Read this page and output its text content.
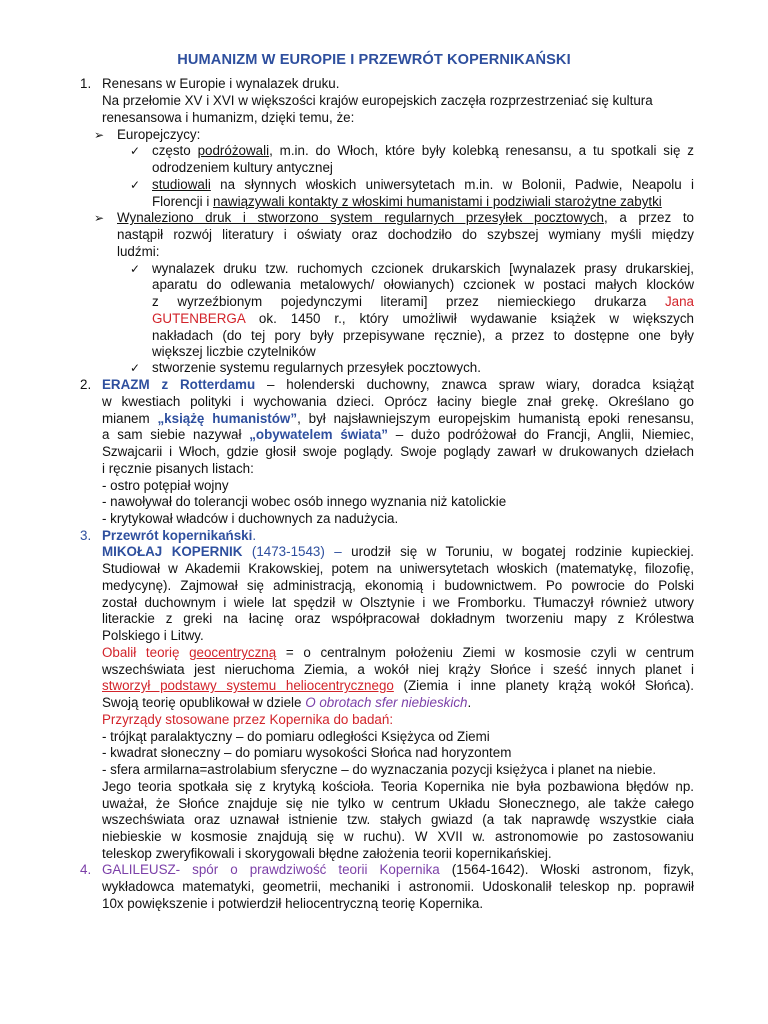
HUMANIZM W EUROPIE I PRZEWRÓT KOPERNIKAŃSKI
1. Renesans w Europie i wynalazek druku.
Na przełomie XV i XVI w większości krajów europejskich zaczęła rozprzestrzeniać się kultura
renesansowa i humanizm, dzięki temu, że:
➢ Europejczycy:
✓ często podróżowali, m.in. do Włoch, które były kolebką renesansu, a tu spotkali się z
odrodzeniem kultury antycznej
✓ studiowali na słynnych włoskich uniwersytetach m.in. w Bolonii, Padwie, Neapolu i
Florencji i nawiązywali kontakty z włoskimi humanistami i podziwiali starożytne zabytki
➢ Wynaleziono druk i stworzono system regularnych przesyłek pocztowych, a przez to
nastąpił rozwój literatury i oświaty oraz dochodziło do szybszej wymiany myśli między
ludźmi:
✓ wynalazek druku tzw. ruchomych czcionek drukarskich [wynalazek prasy drukarskiej,
aparatu do odlewania metalowych/ ołowianych) czcionek w postaci małych klocków
z wyrzeźbionym pojedynczymi literami] przez niemieckiego drukarza Jana
GUTENBERGA ok. 1450 r., który umożliwił wydawanie książek w większych
nakładach (do tej pory były przepisywane ręcznie), a przez to dostępne one były
większej liczbie czytelników
✓ stworzenie systemu regularnych przesyłek pocztowych.
2. ERAZM z Rotterdamu – holenderski duchowny, znawca spraw wiary, doradca książąt
w kwestiach polityki i wychowania dzieci. Oprócz łaciny biegle znał grekę. Określano go
mianem „książę humanistów”, był najsławniejszym europejskim humanistą epoki renesansu,
a sam siebie nazywał „obywatelem świata” – dużo podróżował do Francji, Anglii, Niemiec,
Szwajcarii i Włoch, gdzie głosił swoje poglądy. Swoje poglądy zawarł w drukowanych dziełach
i ręcznie pisanych listach:
- ostro potępiał wojny
- nawoływał do tolerancji wobec osób innego wyznania niż katolickie
- krytykował władców i duchownych za nadużycia.
3. Przewrót kopernikański.
MIKOŁAJ KOPERNIK (1473-1543) – urodził się w Toruniu, w bogatej rodzinie kupieckiej.
Studiował w Akademii Krakowskiej, potem na uniwersytetach włoskich (matematykę, filozofię,
medycynę). Zajmował się administracją, ekonomią i budownictwem. Po powrocie do Polski
został duchownym i wiele lat spędził w Olsztynie i we Fromborku. Tłumaczył również utwory
literackie z greki na łacinę oraz współpracował dokładnym tworzeniu mapy z Królestwa
Polskiego i Litwy.
Obalił teorię geocentryczną = o centralnym położeniu Ziemi w kosmosie czyli w centrum
wszechświata jest nieruchoma Ziemia, a wokół niej krąży Słońce i sześć innych planet i
stworzył podstawy systemu heliocentrycznego (Ziemia i inne planety krążą wokół Słońca).
Swoją teorię opublikował w dziele O obrotach sfer niebieskich.
Przyrządy stosowane przez Kopernika do badań:
- trójkąt paralaktyczny – do pomiaru odległości Księżyca od Ziemi
- kwadrat słoneczny – do pomiaru wysokości Słońca nad horyzontem
- sfera armilarna=astrolabium sferyczne – do wyznaczania pozycji księżyca i planet na niebie.
Jego teoria spotkała się z krytyką kościoła. Teoria Kopernika nie była pozbawiona błędów np.
uważał, że Słońce znajduje się nie tylko w centrum Układu Słonecznego, ale także całego
wszechświata oraz uznawał istnienie tzw. stałych gwiazd (a tak naprawdę wszystkie ciała
niebieskie w kosmosie znajdują się w ruchu). W XVII w. astronomowie po zastosowaniu
teleskop zweryfikowali i skorygowali błędne założenia teorii kopernikańskiej.
4. GALILEUSZ- spór o prawdziwość teorii Kopernika (1564-1642). Włoski astronom, fizyk,
wykładowca matematyki, geometrii, mechaniki i astronomii. Udoskonalił teleskop np. poprawił
10x powiększenie i potwierdził heliocentryczną teorię Kopernika.
